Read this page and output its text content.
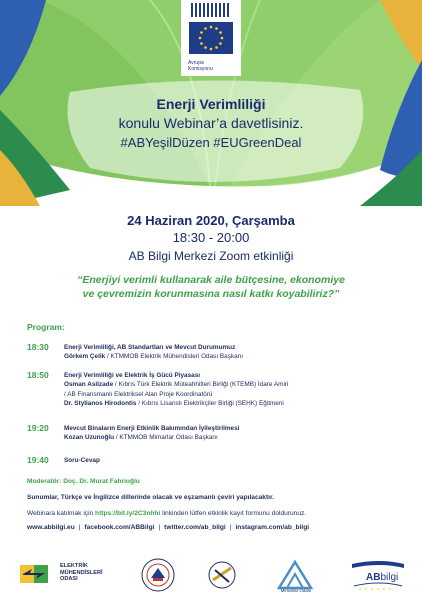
Avrupa
Komisyonu
Enerji Verimliliği
konulu Webinar’a davetlisiniz.
#ABYeşilDüzen #EUGreenDeal
24 Haziran 2020, Çarşamba
18:30 - 20:00
AB Bilgi Merkezi Zoom etkinliği
“Enerjiyi verimli kullanarak aile bütçesine, ekonomiye
ve çevremizin korunmasına nasıl katkı koyabiliriz?”
Program:
18:30 Enerji Verimliliği, AB Standartları ve Mevcut Durumumuz
Görkem Çelik / KTMMOB Elektrik Mühendisleri Odası Başkanı
18:50 Enerji Verimliliği ve Elektrik İş Gücü Piyasası
Osman Asilzade / Kıbrıs Türk Elektrik Müteahhitleri Birliği (KTEMB) İdare Amiri
/ AB Finansmanlı Elektriksel Alan Proje Koordinatörü
Dr. Stylianos Hirodontis / Kıbrıs Lisanslı Elektrikçiler Birliği (SEHK) Eğitmeni
19:20 Mevcut Binaların Enerji Etkinlik Bakımından İyileştirilmesi
Kozan Uzunoğlu / KTMMOB Mimarlar Odası Başkanı
19:40 Soru-Cevap
Moderatör: Doç. Dr. Murat Fahrioğlu
Sunumlar, Türkçe ve İngilizce dillerinde olacak ve eşzamanlı çeviri yapılacaktır.
Webinara katılmak için https://bit.ly/2C3nhhi linkinden lütfen etkinlik kayıt formunu doldurunuz.
www.abbilgi.eu | facebook.com/ABBilgi | twitter.com/ab_bilgi | instagram.com/ab_bilgi
ELEKTRİK
MÜHENDİSLERİ
ODASI
Mimarlar Odası
ABbilgi
